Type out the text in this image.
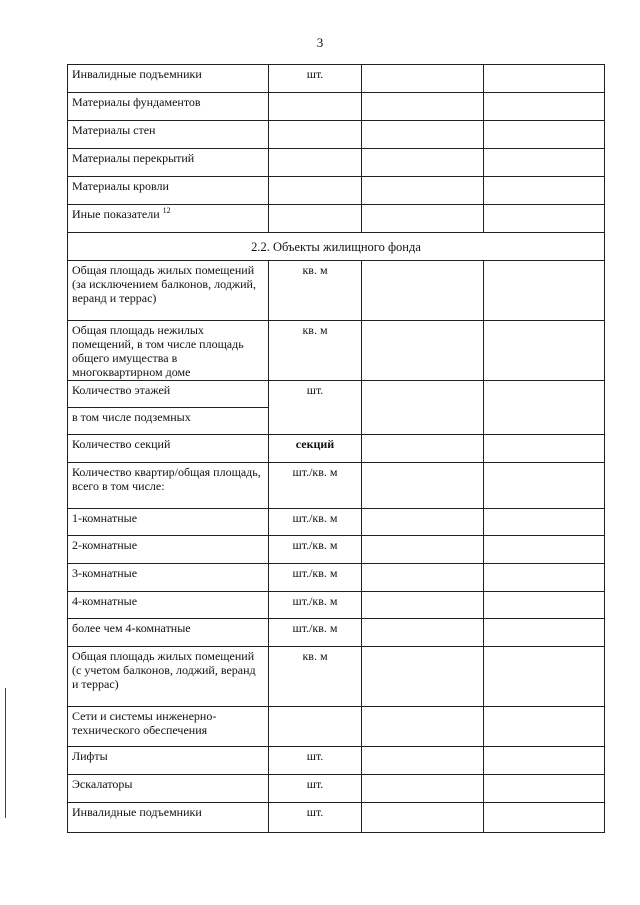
3
Инвалидные подъемники	шт.		
Материалы фундаментов			
Материалы стен			
Материалы перекрытий			
Материалы кровли			
Иные показатели $^{12}$			
2.2. Объекты жилищного фонда			
Общая площадь жилых помещений (за исключением балконов, лоджий, веранд и террас)	кв. м		
Общая площадь нежилых помещений, в том числе площадь общего имущества в многоквартирном доме	кв. м		
Количество этажей	шт.		
в том числе подземных			
Количество секций	секций		
Количество квартир/общая площадь, всего в том числе:	шт./кв. м		
1-комнатные	шт./кв. м		
2-комнатные	шт./кв. м		
3-комнатные	шт./кв. м		
4-комнатные	шт./кв. м		
более чем 4-комнатные	шт./кв. м		
Общая площадь жилых помещений (с учетом балконов, лоджий, веранд и террас)	кв. м		
Сети и системы инженерно-технического обеспечения			
Лифты	шт.		
Эскалаторы	шт.		
Инвалидные подъемники	шт.		
